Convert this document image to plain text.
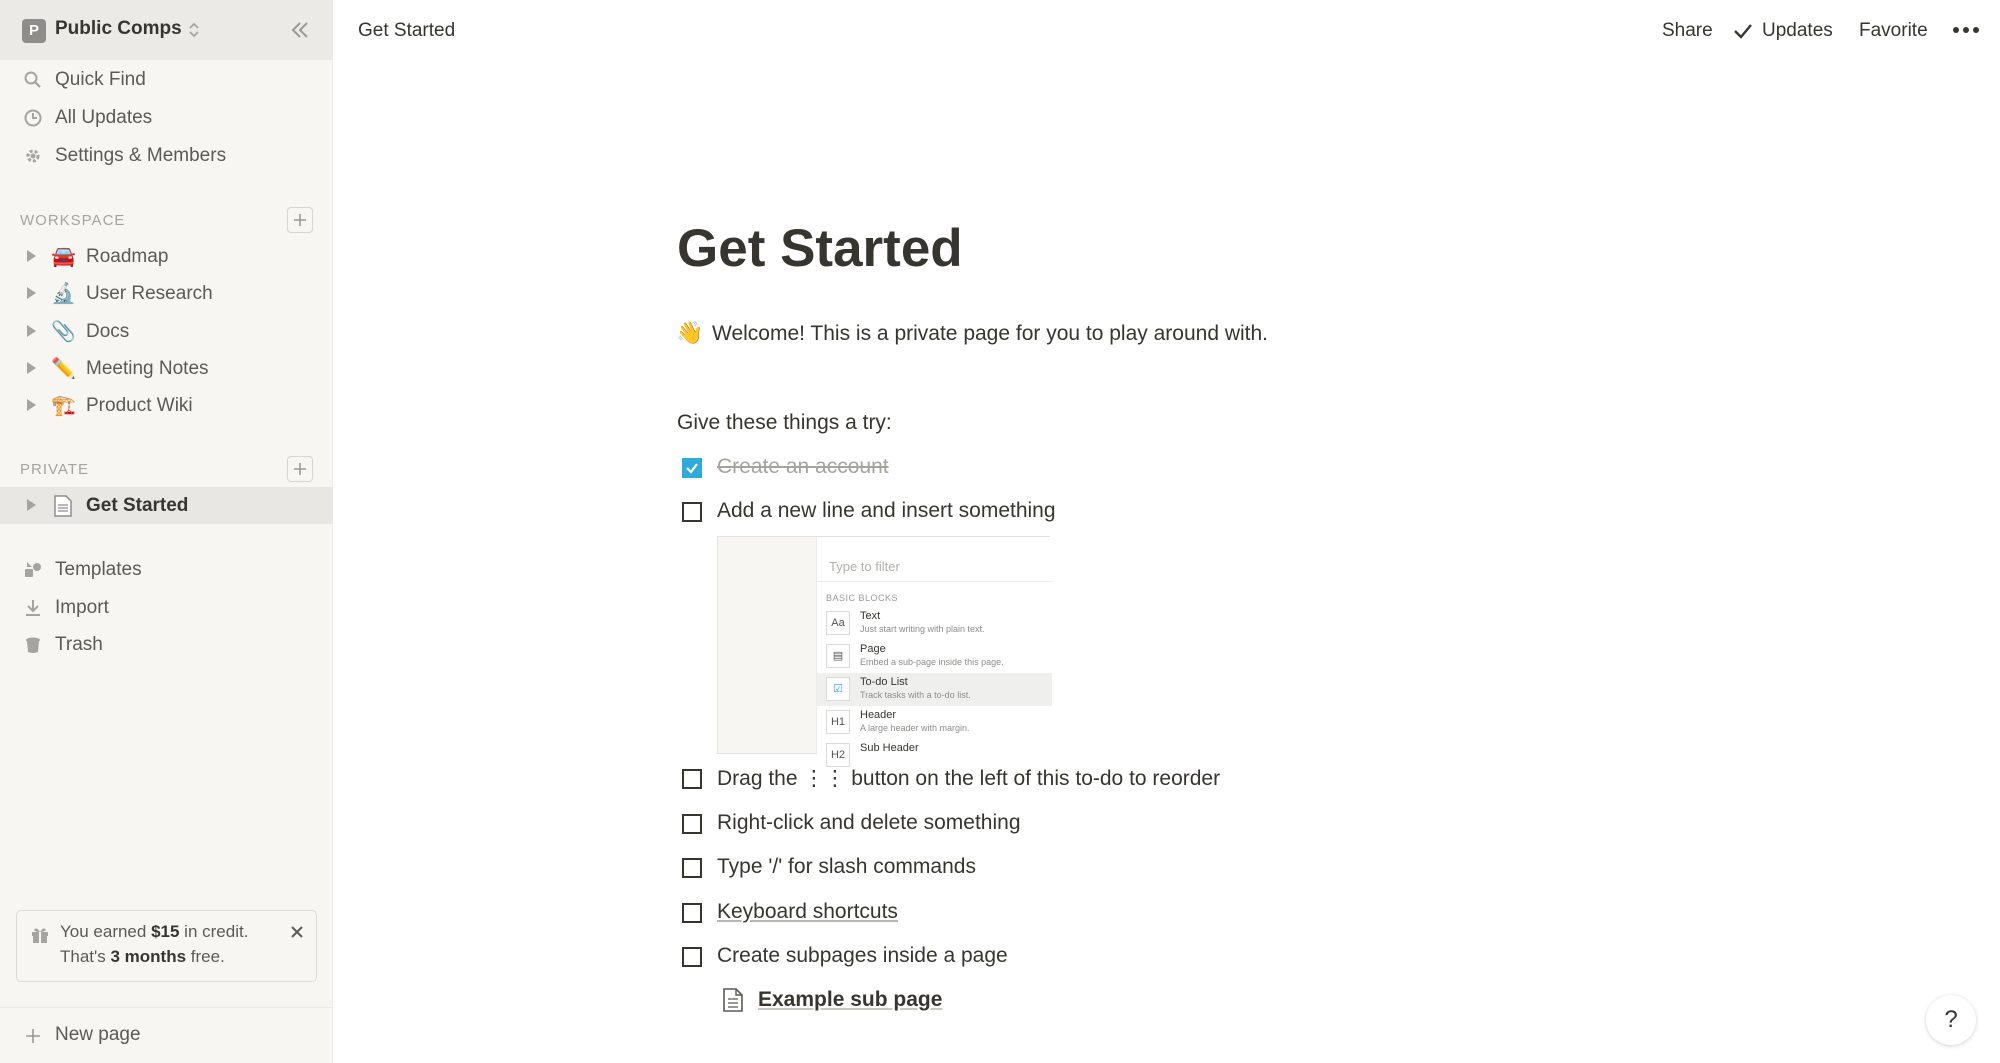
P Public Comps
Quick Find
All Updates
Settings & Members
WORKSPACE
🚘 Roadmap
🔬 User Research
📎 Docs
✏️ Meeting Notes
🏗️ Product Wiki
PRIVATE
Get Started
Templates
Import
Trash
You earned $15 in credit.
That's 3 months free.
New page
Get Started	Share	Updates Favorite
Get Started
👋 Welcome! This is a private page for you to play around with.
Give these things a try:
Create an account
Add a new line and insert something
Type to filter
BASIC BLOCKS
Aa
Text
Just start writing with plain text.
▤
Page
Embed a sub-page inside this page.
☑
To-do List
Track tasks with a to-do list.
H1
Header
A large header with margin.
H2
Sub Header
Drag the ⋮⋮ button on the left of this to-do to reorder
Right-click and delete something
Type '/' for slash commands
Keyboard shortcuts
Create subpages inside a page
Example sub page
?
